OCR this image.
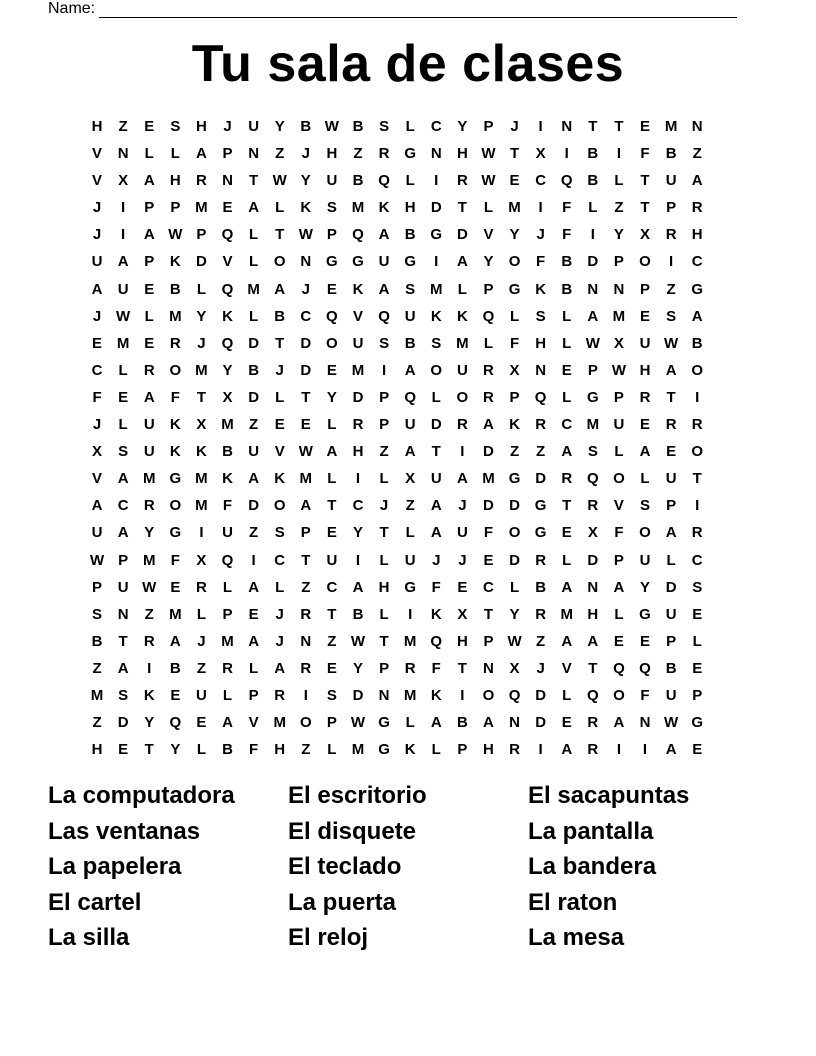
Name:
Tu sala de clases
H	Z	E	S	H	J	U	Y	B W B	S	L	C	Y	P	J	I	N	T	T	E M N
V	N	L	L	A	P	N	Z	J	H	Z	R G N	H W T	X	I	B	I	F	B	Z
V	X	A	H	R	N	T W Y	U	B Q	L	I	R W E	C Q B	L	T	U	A
J	I	P	P M E	A	L	K	S M K	H	D	T	L	M	I	F	L	Z	T	P	R
J	I	A W P	Q	L	T W P	Q A	B G D	V	Y	J	F	I	Y	X	R	H
U	A	P	K	D	V	L	O N G G U G	I	A	Y	O	F	B	D	P	O	I	C
A	U	E	B	L	Q M A	J	E	K	A	S M	L	P	G K	B	N	N	P	Z	G
J W L	M Y	K	L	B	C Q	V	Q U	K	K Q	L	S	L	A M E	S	A
E M E	R	J	Q D	T	D O U	S	B	S M	L	F	H	L W X	U W B
C	L	R O M Y	B	J	D	E M	I	A O U	R	X	N	E	P W H	A O
F	E	A	F	T	X	D	L	T	Y	D	P	Q	L	O R	P	Q	L	G	P	R	T	I
J	L	U	K	X M	Z	E	E	L	R	P	U	D	R	A	K	R	C M U	E	R	R
X	S	U	K	K	B	U	V W A	H	Z	A	T	I	D	Z	Z	A	S	L	A	E	O
V	A M G M K	A	K M	L	I	L	X	U	A M G D	R Q O	L	U	T
A	C	R O M	F	D O A	T	C	J	Z	A	J	D	D G	T	R	V	S	P	I
U	A	Y	G	I	U	Z	S	P	E	Y	T	L	A	U	F	O G	E	X	F	O A	R
W P M	F	X	Q	I	C	T	U	I	L	U	J	J	E	D	R	L	D	P	U	L	C
P	U W E	R	L	A	L	Z	C	A	H G	F	E	C	L	B	A	N	A	Y	D	S
S	N	Z	M	L	P	E	J	R	T	B	L	I	K	X	T	Y	R M H	L	G U	E
B	T	R	A	J	M A	J	N	Z W T	M Q H	P W Z	A	A	E	E	P	L
Z	A	I	B	Z	R	L	A	R	E	Y	P	R	F	T	N	X	J	V	T	Q Q B	E
M S	K	E	U	L	P	R	I	S	D	N M K	I	O Q D	L	Q O	F	U	P
Z	D	Y	Q	E	A	V M O	P W G	L	A	B	A	N	D	E	R	A	N W G
H	E	T	Y	L	B	F	H	Z	L	M G K	L	P	H	R	I	A	R	I	I	A	E
La computadora	El escritorio	El sacapuntas
Las ventanas	El disquete	La pantalla
La papelera	El teclado	La bandera
El cartel	La puerta	El raton
La silla	El reloj	La mesa
